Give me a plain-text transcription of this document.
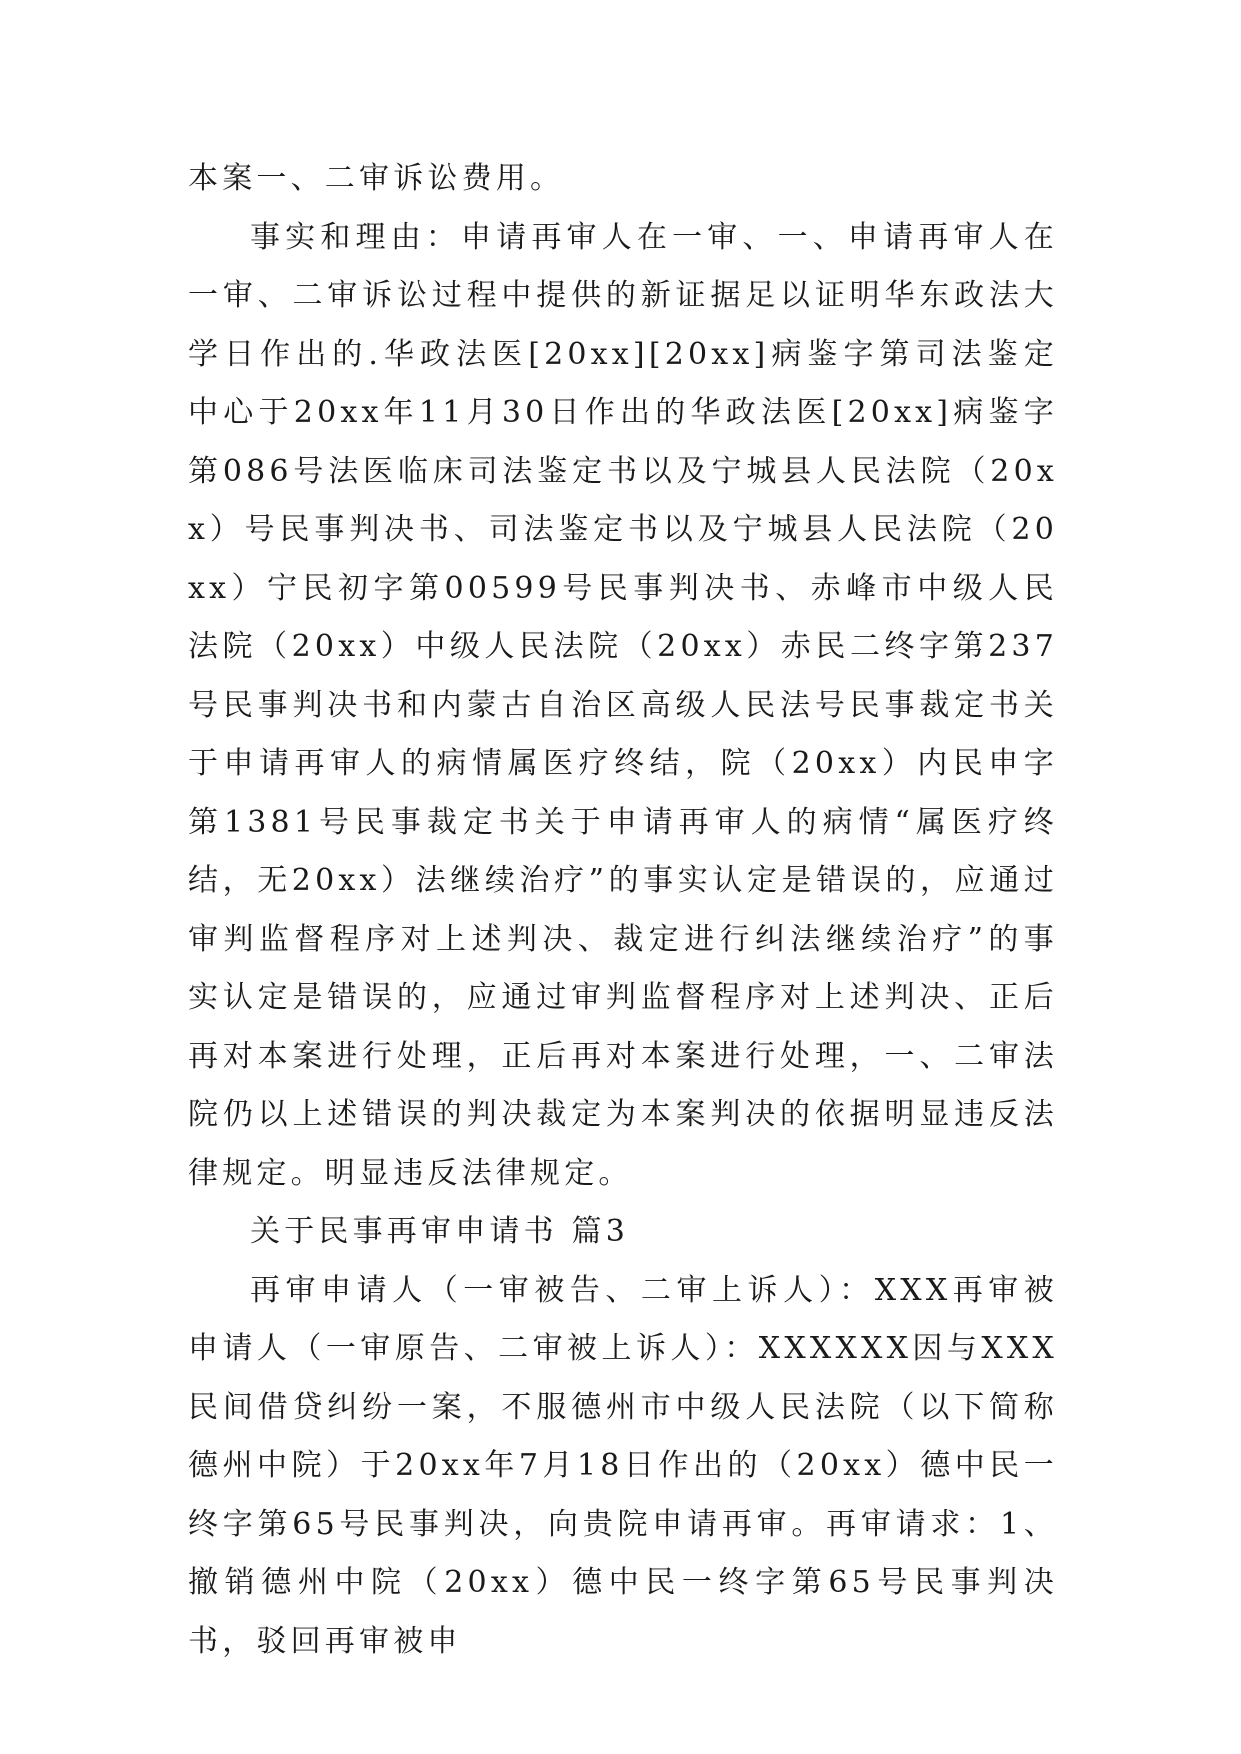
本案一、二审诉讼费用。

事实和理由：申请再审人在一审、一、申请再审人在一审、二审诉讼过程中提供的新证据足以证明华东政法大学日作出的.华政法医[20xx][20xx]病鉴字第司法鉴定中心于20xx年11月30日作出的华政法医[20xx]病鉴字第086号法医临床司法鉴定书以及宁城县人民法院（20xx）号民事判决书、司法鉴定书以及宁城县人民法院（20xx）宁民初字第00599号民事判决书、赤峰市中级人民法院（20xx）中级人民法院（20xx）赤民二终字第237号民事判决书和内蒙古自治区高级人民法号民事裁定书关于申请再审人的病情属医疗终结，院（20xx）内民申字第1381号民事裁定书关于申请再审人的病情“属医疗终结，无20xx）法继续治疗”的事实认定是错误的，应通过审判监督程序对上述判决、裁定进行纠法继续治疗”的事实认定是错误的，应通过审判监督程序对上述判决、正后再对本案进行处理，正后再对本案进行处理，一、二审法院仍以上述错误的判决裁定为本案判决的依据明显违反法律规定。明显违反法律规定。

关于民事再审申请书 篇3

再审申请人（一审被告、二审上诉人）：XXX再审被申请人（一审原告、二审被上诉人）：XXXXXX因与XXX民间借贷纠纷一案，不服德州市中级人民法院（以下简称德州中院）于20xx年7月18日作出的（20xx）德中民一终字第65号民事判决，向贵院申请再审。再审请求：1、撤销德州中院（20xx）德中民一终字第65号民事判决书，驳回再审被申
